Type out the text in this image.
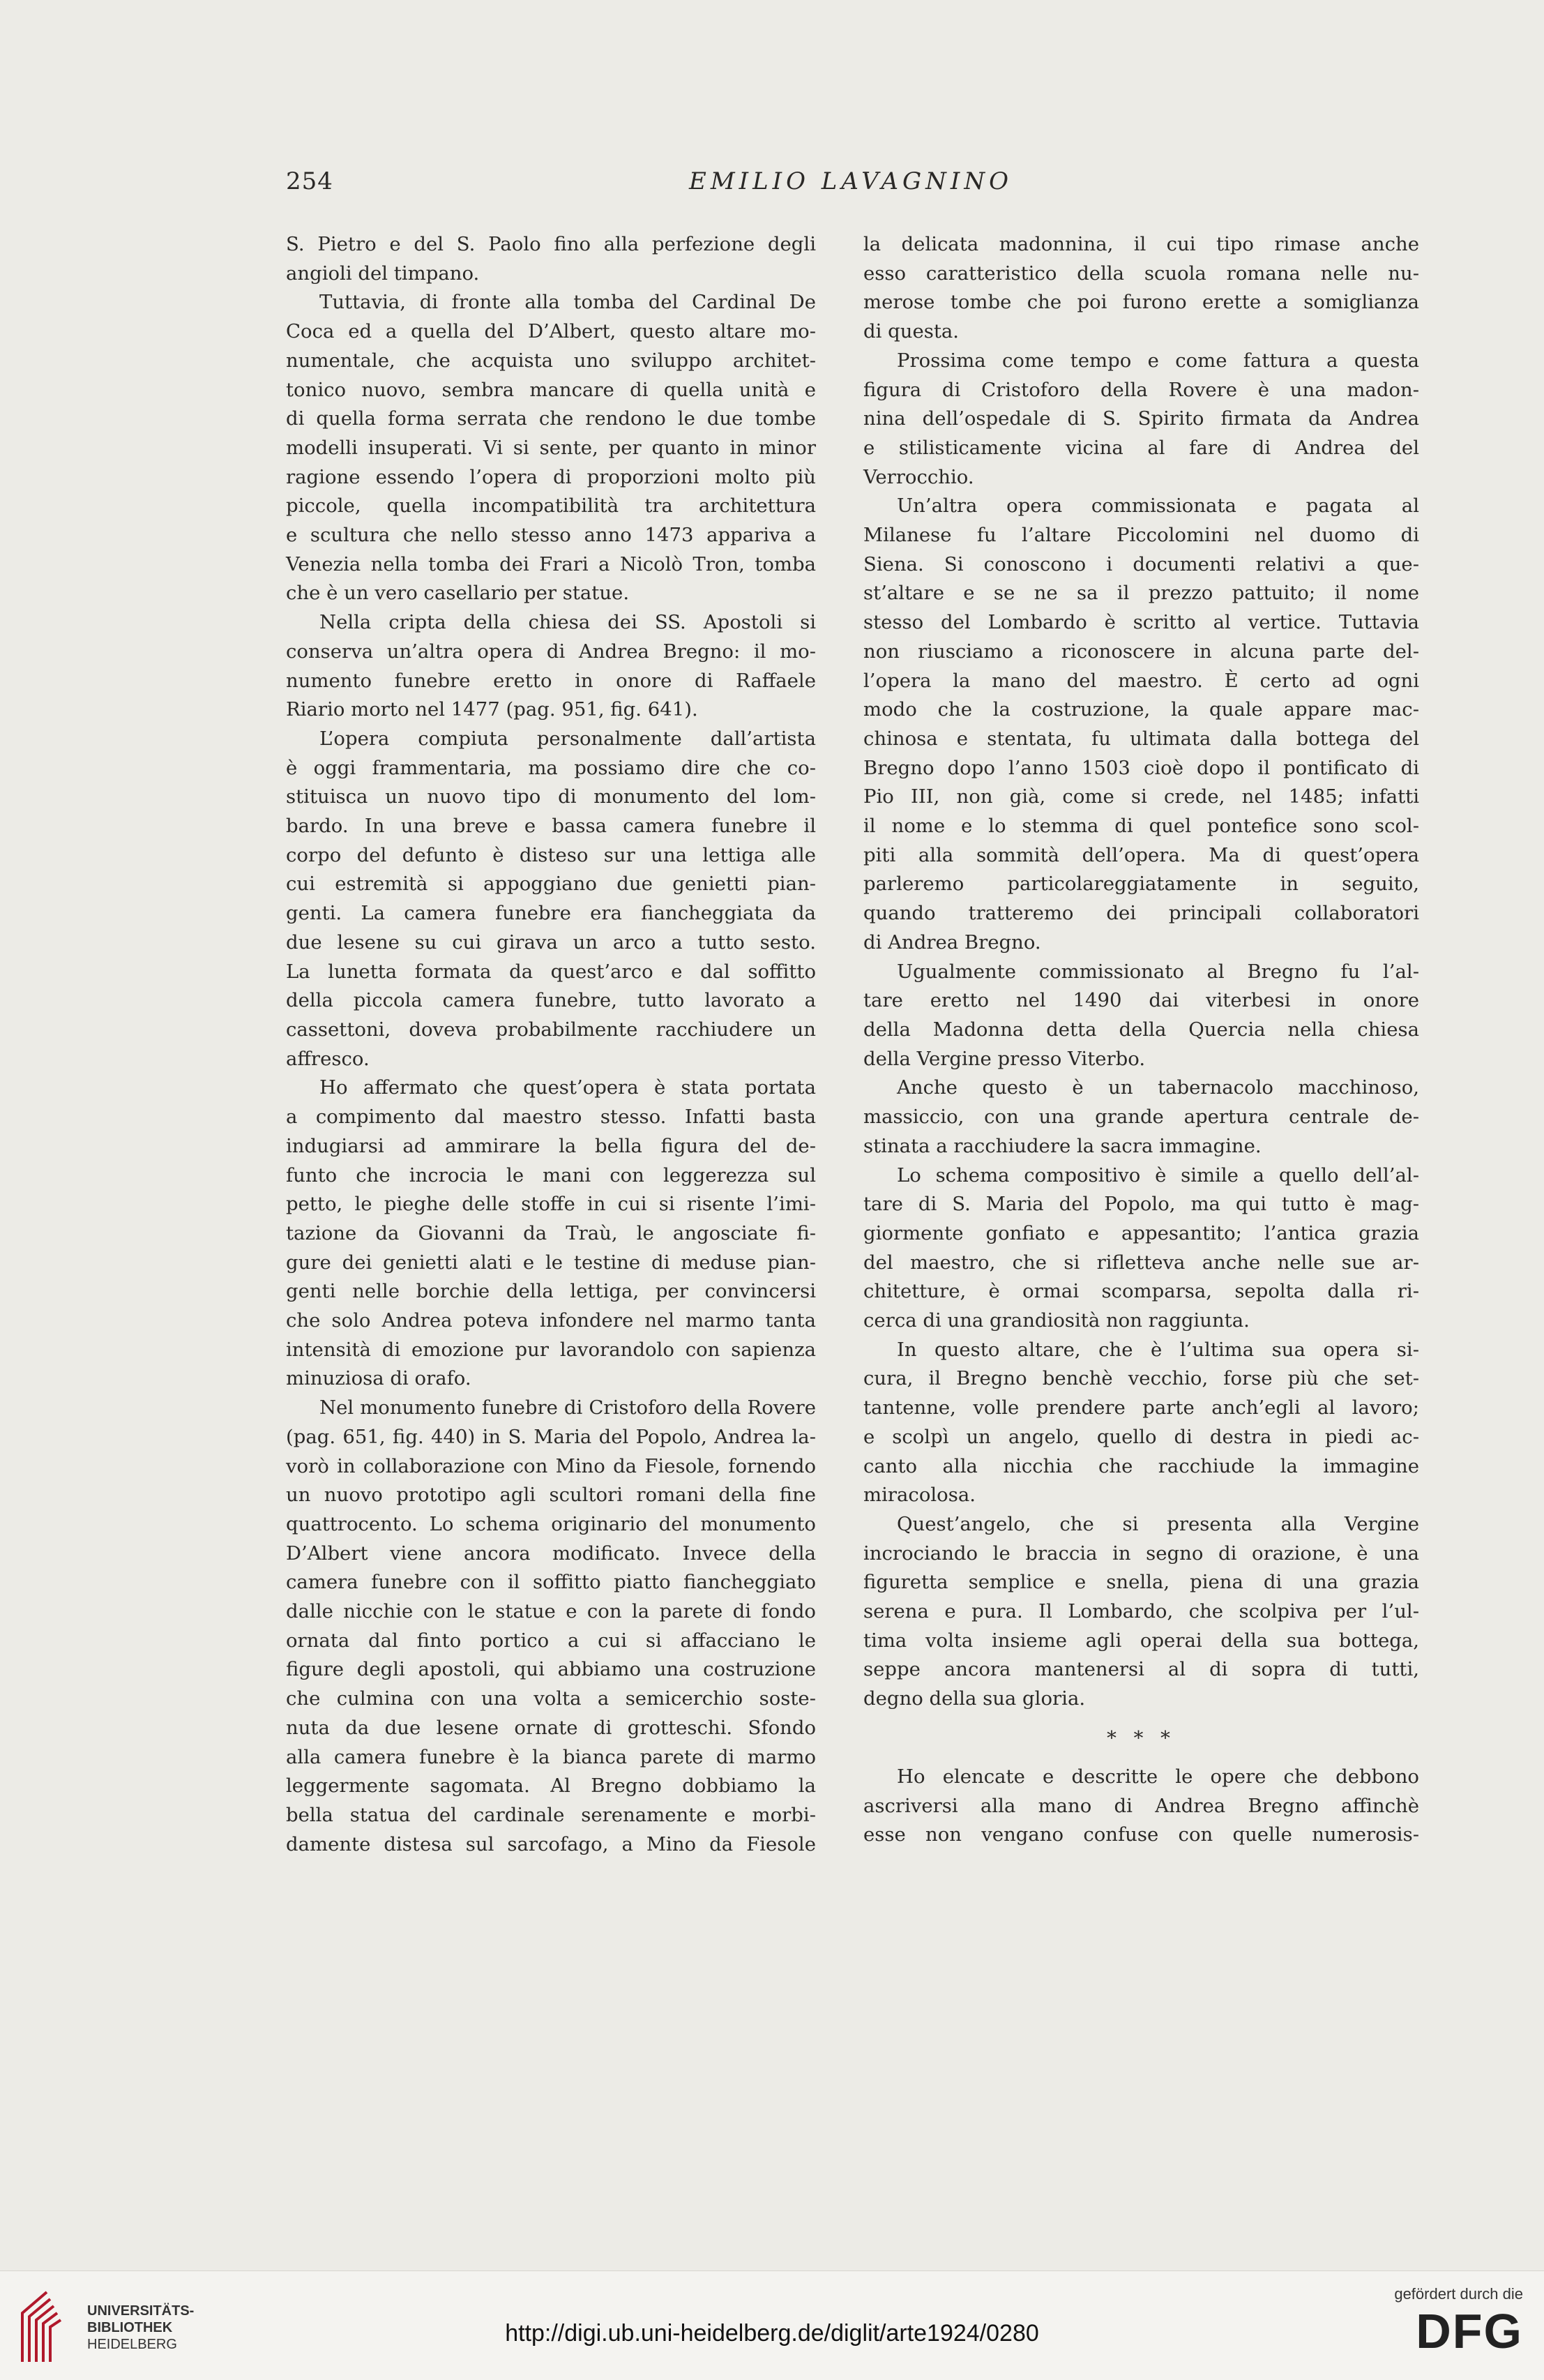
254	EMILIO LAVAGNINO
S. Pietro e del S. Paolo fino alla perfezione degli
angioli del timpano.
Tuttavia, di fronte alla tomba del Cardinal De
Coca ed a quella del D’Albert, questo altare mo-
numentale, che acquista uno sviluppo architet-
tonico nuovo, sembra mancare di quella unità e
di quella forma serrata che rendono le due tombe
modelli insuperati. Vi si sente, per quanto in minor
ragione essendo l’opera di proporzioni molto più
piccole, quella incompatibilità tra architettura
e scultura che nello stesso anno 1473 appariva a
Venezia nella tomba dei Frari a Nicolò Tron, tomba
che è un vero casellario per statue.
Nella cripta della chiesa dei SS. Apostoli si
conserva un’altra opera di Andrea Bregno: il mo-
numento funebre eretto in onore di Raffaele
Riario morto nel 1477 (pag. 951, fig. 641).
L’opera compiuta personalmente dall’artista
è oggi frammentaria, ma possiamo dire che co-
stituisca un nuovo tipo di monumento del lom-
bardo. In una breve e bassa camera funebre il
corpo del defunto è disteso sur una lettiga alle
cui estremità si appoggiano due genietti pian-
genti. La camera funebre era fiancheggiata da
due lesene su cui girava un arco a tutto sesto.
La lunetta formata da quest’arco e dal soffitto
della piccola camera funebre, tutto lavorato a
cassettoni, doveva probabilmente racchiudere un
affresco.
Ho affermato che quest’opera è stata portata
a compimento dal maestro stesso. Infatti basta
indugiarsi ad ammirare la bella figura del de-
funto che incrocia le mani con leggerezza sul
petto, le pieghe delle stoffe in cui si risente l’imi-
tazione da Giovanni da Traù, le angosciate fi-
gure dei genietti alati e le testine di meduse pian-
genti nelle borchie della lettiga, per convincersi
che solo Andrea poteva infondere nel marmo tanta
intensità di emozione pur lavorandolo con sapienza
minuziosa di orafo.
Nel monumento funebre di Cristoforo della Rovere
(pag. 651, fig. 440) in S. Maria del Popolo, Andrea la-
vorò in collaborazione con Mino da Fiesole, fornendo
un nuovo prototipo agli scultori romani della fine
quattrocento. Lo schema originario del monumento
D’Albert viene ancora modificato. Invece della
camera funebre con il soffitto piatto fiancheggiato
dalle nicchie con le statue e con la parete di fondo
ornata dal finto portico a cui si affacciano le
figure degli apostoli, qui abbiamo una costruzione
che culmina con una volta a semicerchio soste-
nuta da due lesene ornate di grotteschi. Sfondo
alla camera funebre è la bianca parete di marmo
leggermente sagomata. Al Bregno dobbiamo la
bella statua del cardinale serenamente e morbi-
damente distesa sul sarcofago, a Mino da Fiesole
la delicata madonnina, il cui tipo rimase anche
esso caratteristico della scuola romana nelle nu-
merose tombe che poi furono erette a somiglianza
di questa.
Prossima come tempo e come fattura a questa
figura di Cristoforo della Rovere è una madon-
nina dell’ospedale di S. Spirito firmata da Andrea
e stilisticamente vicina al fare di Andrea del
Verrocchio.
Un’altra opera commissionata e pagata al
Milanese fu l’altare Piccolomini nel duomo di
Siena. Si conoscono i documenti relativi a que-
st’altare e se ne sa il prezzo pattuito; il nome
stesso del Lombardo è scritto al vertice. Tuttavia
non riusciamo a riconoscere in alcuna parte del-
l’opera la mano del maestro. È certo ad ogni
modo che la costruzione, la quale appare mac-
chinosa e stentata, fu ultimata dalla bottega del
Bregno dopo l’anno 1503 cioè dopo il pontificato di
Pio III, non già, come si crede, nel 1485; infatti
il nome e lo stemma di quel pontefice sono scol-
piti alla sommità dell’opera. Ma di quest’opera
parleremo particolareggiatamente in seguito,
quando tratteremo dei principali collaboratori
di Andrea Bregno.
Ugualmente commissionato al Bregno fu l’al-
tare eretto nel 1490 dai viterbesi in onore
della Madonna detta della Quercia nella chiesa
della Vergine presso Viterbo.
Anche questo è un tabernacolo macchinoso,
massiccio, con una grande apertura centrale de-
stinata a racchiudere la sacra immagine.
Lo schema compositivo è simile a quello dell’al-
tare di S. Maria del Popolo, ma qui tutto è mag-
giormente gonfiato e appesantito; l’antica grazia
del maestro, che si rifletteva anche nelle sue ar-
chitetture, è ormai scomparsa, sepolta dalla ri-
cerca di una grandiosità non raggiunta.
In questo altare, che è l’ultima sua opera si-
cura, il Bregno benchè vecchio, forse più che set-
tantenne, volle prendere parte anch’egli al lavoro;
e scolpì un angelo, quello di destra in piedi ac-
canto alla nicchia che racchiude la immagine
miracolosa.
Quest’angelo, che si presenta alla Vergine
incrociando le braccia in segno di orazione, è una
figuretta semplice e snella, piena di una grazia
serena e pura. Il Lombardo, che scolpiva per l’ul-
tima volta insieme agli operai della sua bottega,
seppe ancora mantenersi al di sopra di tutti,
degno della sua gloria.
* * *
Ho elencate e descritte le opere che debbono
ascriversi alla mano di Andrea Bregno affinchè
esse non vengano confuse con quelle numerosis-
UNIVERSITÄTS-
BIBLIOTHEK
HEIDELBERG	http://digi.ub.uni-heidelberg.de/diglit/arte1924/0280
gefördert durch die
DFG
